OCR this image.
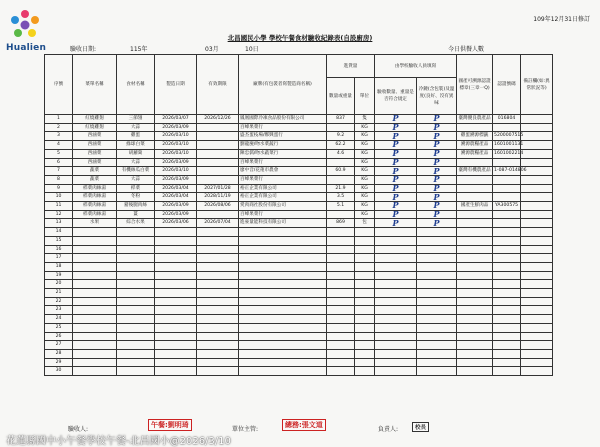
Hualien
109年12月31日修訂
北昌國民小學 學校午餐食材驗收紀錄表(自設廚房)
驗收日期:	115年	03月	10日	今日供餐人數
序號	菜單名稱	食材名稱	製造日期	有效期限	廠牌(有包裝者寫製造商名稱)	進貨量		由學校驗收人員填寫		國產可溯源認證標章(三章一Q)	認證號碼	備註欄(如:異常狀況等)
						數量或重量	單位	驗收數量、重量是否符合規定	冷鏈(含包裝)及溫度(良好、沒有異味			
1	紅燒雞翅	三節翅	2026/03/07	2026/12/26	鳳凰國際冷凍食品股份有限公司	837	隻	P	P	臺灣優良農產品	016804	
2	紅燒雞翅	大蒜	2026/03/09		百峰果菜行		KG	P	P			
3	西滷菜	雞蛋	2026/03/10		盛杰蛋枝場/鄭興蛋行	9.2	KG	P	P	雞蛋溯源標籤	5200007515	
4	西滷菜	綠球白菜	2026/03/10		劉龍慶/吻水菜蔬行	62.2	KG	P	P	溯源農糧產品	1601001131	
5	西滷菜	胡蘿蔔	2026/03/10		陳忠儒/吻水蔬菜行	4.6	KG	P	P	溯源農糧產品	1601002214	
6	西滷菜	大蒜	2026/03/09		百峰果菜行		KG	P	P			
7	蔬菜	有機絲瓜白菜	2026/03/10		廖中音/花蓮市農會	60.9	KG	P	P	臺灣有機農產品	1-087-014806	
8	蔬菜	大蒜	2026/03/09		百峰果菜行		KG	P	P			
9	桿菜肉絲湯	桿菜	2026/03/04	2027/01/28	裕正企業有限公司	21.9	KG	P	P			
10	桿菜肉絲湯	冬粉	2026/03/04	2028/11/19	裕正企業有限公司	3.5	KG	P	P			
11	桿菜肉絲湯	豬後腿肉絲	2026/03/09	2026/08/06	愛肉商社股份有限公司	5.1	KG	P	P	國產生鮮肉品	YA300575	
12	桿菜肉絲湯	薑	2026/03/09		百峰果菜行		KG	P	P			
13	水果	綜合水果	2026/03/06	2026/07/04	進豪量能科技有限公司	869	包	P	P			
14												
15												
16												
17												
18												
19												
20												
21												
22												
23												
24												
25												
26												
27												
28												
29												
30												
驗收人:
午餐:劉明琦
單位主管:
總務:張文道
負責人:	校長
花蓮縣國中小午餐學校午餐-北昌國小@2026/3/10
